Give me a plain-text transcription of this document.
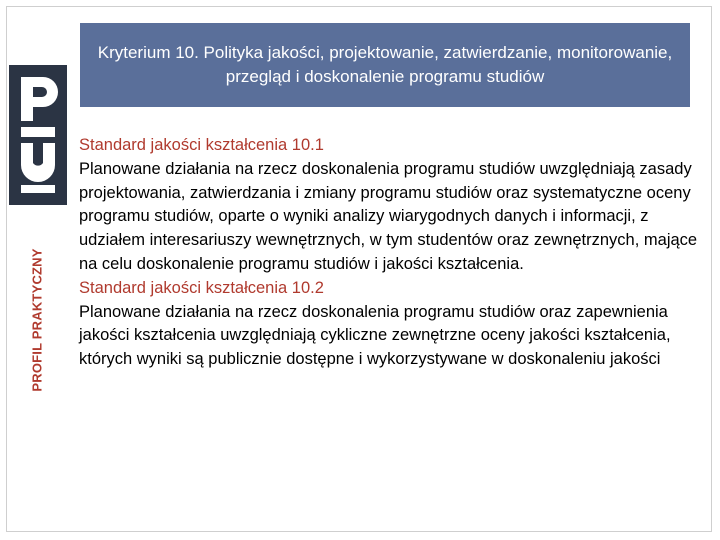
Kryterium 10. Polityka jakości, projektowanie, zatwierdzanie, monitorowanie, przegląd i doskonalenie programu studiów
PROFIL PRAKTYCZNY

Standard jakości kształcenia 10.1

Planowane działania na rzecz doskonalenia programu studiów uwzględniają zasady projektowania, zatwierdzania i zmiany programu studiów oraz systematyczne oceny programu studiów, oparte o wyniki analizy wiarygodnych danych i informacji, z udziałem interesariuszy wewnętrznych, w tym studentów oraz zewnętrznych, mające na celu doskonalenie programu studiów i jakości kształcenia.

Standard jakości kształcenia 10.2

Planowane działania na rzecz doskonalenia programu studiów oraz zapewnienia jakości kształcenia uwzględniają cykliczne zewnętrzne oceny jakości kształcenia, których wyniki są publicznie dostępne i wykorzystywane w doskonaleniu jakości
